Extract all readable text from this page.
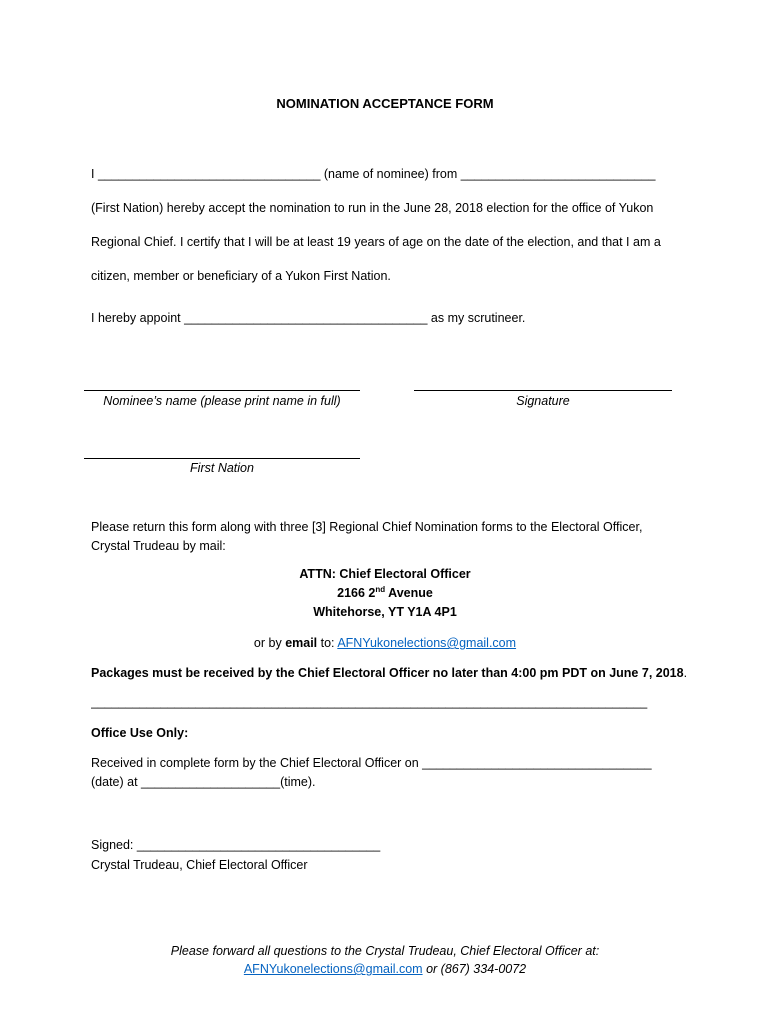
NOMINATION ACCEPTANCE FORM
I ________________________________ (name of nominee) from ____________________________
(First Nation) hereby accept the nomination to run in the June 28, 2018 election for the office of Yukon
Regional Chief. I certify that I will be at least 19 years of age on the date of the election, and that I am a
citizen, member or beneficiary of a Yukon First Nation.
I hereby appoint ___________________________________ as my scrutineer.
Nominee’s name (please print name in full)	Signature
First Nation
Please return this form along with three [3] Regional Chief Nomination forms to the Electoral Officer,
Crystal Trudeau by mail:
ATTN: Chief Electoral Officer
2166 2nd Avenue
Whitehorse, YT Y1A 4P1
or by email to: AFNYukonelections@gmail.com
Packages must be received by the Chief Electoral Officer no later than 4:00 pm PDT on June 7, 2018.
________________________________________________________________________________
Office Use Only:
Received in complete form by the Chief Electoral Officer on _________________________________
(date) at ____________________(time).
Signed: ___________________________________
Crystal Trudeau, Chief Electoral Officer
Please forward all questions to the Crystal Trudeau, Chief Electoral Officer at:
AFNYukonelections@gmail.com or (867) 334-0072
